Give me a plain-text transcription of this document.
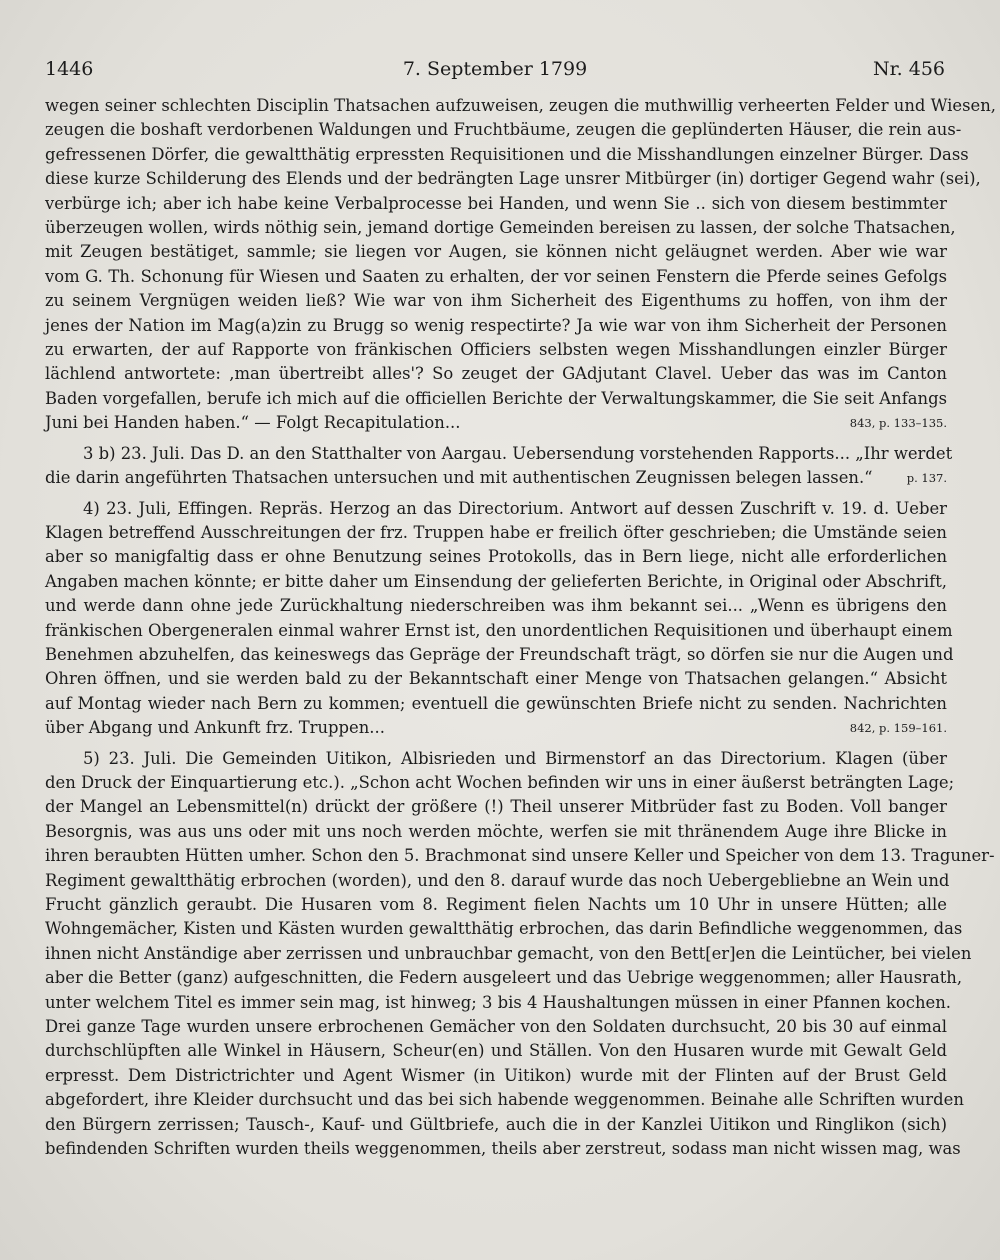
1446	7. September 1799	Nr. 456

wegen seiner schlechten Disciplin Thatsachen aufzuweisen, zeugen die muthwillig verheerten Felder und Wiesen,
zeugen die boshaft verdorbenen Waldungen und Fruchtbäume, zeugen die geplünderten Häuser, die rein aus-
gefressenen Dörfer, die gewaltthätig erpressten Requisitionen und die Misshandlungen einzelner Bürger. Dass
diese kurze Schilderung des Elends und der bedrängten Lage unsrer Mitbürger (in) dortiger Gegend wahr (sei),
verbürge ich; aber ich habe keine Verbalprocesse bei Handen, und wenn Sie .. sich von diesem bestimmter
überzeugen wollen, wirds nöthig sein, jemand dortige Gemeinden bereisen zu lassen, der solche Thatsachen,
mit Zeugen bestätiget, sammle; sie liegen vor Augen, sie können nicht geläugnet werden. Aber wie war
vom G. Th. Schonung für Wiesen und Saaten zu erhalten, der vor seinen Fenstern die Pferde seines Gefolgs
zu seinem Vergnügen weiden ließ? Wie war von ihm Sicherheit des Eigenthums zu hoffen, von ihm der
jenes der Nation im Mag(a)zin zu Brugg so wenig respectirte? Ja wie war von ihm Sicherheit der Personen
zu erwarten, der auf Rapporte von fränkischen Officiers selbsten wegen Misshandlungen einzler Bürger
lächlend antwortete: ,man übertreibt alles'? So zeuget der GAdjutant Clavel. Ueber das was im Canton
Baden vorgefallen, berufe ich mich auf die officiellen Berichte der Verwaltungskammer, die Sie seit Anfangs
Juni bei Handen haben.“ — Folgt Recapitulation...	843, p. 133–135.

3 b) 23. Juli. Das D. an den Statthalter von Aargau. Uebersendung vorstehenden Rapports... „Ihr werdet
die darin angeführten Thatsachen untersuchen und mit authentischen Zeugnissen belegen lassen.“	p. 137.

4) 23. Juli, Effingen. Repräs. Herzog an das Directorium. Antwort auf dessen Zuschrift v. 19. d. Ueber
Klagen betreffend Ausschreitungen der frz. Truppen habe er freilich öfter geschrieben; die Umstände seien
aber so manigfaltig dass er ohne Benutzung seines Protokolls, das in Bern liege, nicht alle erforderlichen
Angaben machen könnte; er bitte daher um Einsendung der gelieferten Berichte, in Original oder Abschrift,
und werde dann ohne jede Zurückhaltung niederschreiben was ihm bekannt sei... „Wenn es übrigens den
fränkischen Obergeneralen einmal wahrer Ernst ist, den unordentlichen Requisitionen und überhaupt einem
Benehmen abzuhelfen, das keineswegs das Gepräge der Freundschaft trägt, so dörfen sie nur die Augen und
Ohren öffnen, und sie werden bald zu der Bekanntschaft einer Menge von Thatsachen gelangen.“ Absicht
auf Montag wieder nach Bern zu kommen; eventuell die gewünschten Briefe nicht zu senden. Nachrichten
über Abgang und Ankunft frz. Truppen...	842, p. 159–161.

5) 23. Juli. Die Gemeinden Uitikon, Albisrieden und Birmenstorf an das Directorium. Klagen (über
den Druck der Einquartierung etc.). „Schon acht Wochen befinden wir uns in einer äußerst beträngten Lage;
der Mangel an Lebensmittel(n) drückt der größere (!) Theil unserer Mitbrüder fast zu Boden. Voll banger
Besorgnis, was aus uns oder mit uns noch werden möchte, werfen sie mit thränendem Auge ihre Blicke in
ihren beraubten Hütten umher. Schon den 5. Brachmonat sind unsere Keller und Speicher von dem 13. Traguner-
Regiment gewaltthätig erbrochen (worden), und den 8. darauf wurde das noch Uebergebliebne an Wein und
Frucht gänzlich geraubt. Die Husaren vom 8. Regiment fielen Nachts um 10 Uhr in unsere Hütten; alle
Wohngemächer, Kisten und Kästen wurden gewaltthätig erbrochen, das darin Befindliche weggenommen, das
ihnen nicht Anständige aber zerrissen und unbrauchbar gemacht, von den Bett[er]en die Leintücher, bei vielen
aber die Better (ganz) aufgeschnitten, die Federn ausgeleert und das Uebrige weggenommen; aller Hausrath,
unter welchem Titel es immer sein mag, ist hinweg; 3 bis 4 Haushaltungen müssen in einer Pfannen kochen.
Drei ganze Tage wurden unsere erbrochenen Gemächer von den Soldaten durchsucht, 20 bis 30 auf einmal
durchschlüpften alle Winkel in Häusern, Scheur(en) und Ställen. Von den Husaren wurde mit Gewalt Geld
erpresst. Dem Districtrichter und Agent Wismer (in Uitikon) wurde mit der Flinten auf der Brust Geld
abgefordert, ihre Kleider durchsucht und das bei sich habende weggenommen. Beinahe alle Schriften wurden
den Bürgern zerrissen; Tausch-, Kauf- und Gültbriefe, auch die in der Kanzlei Uitikon und Ringlikon (sich)
befindenden Schriften wurden theils weggenommen, theils aber zerstreut, sodass man nicht wissen mag, was
